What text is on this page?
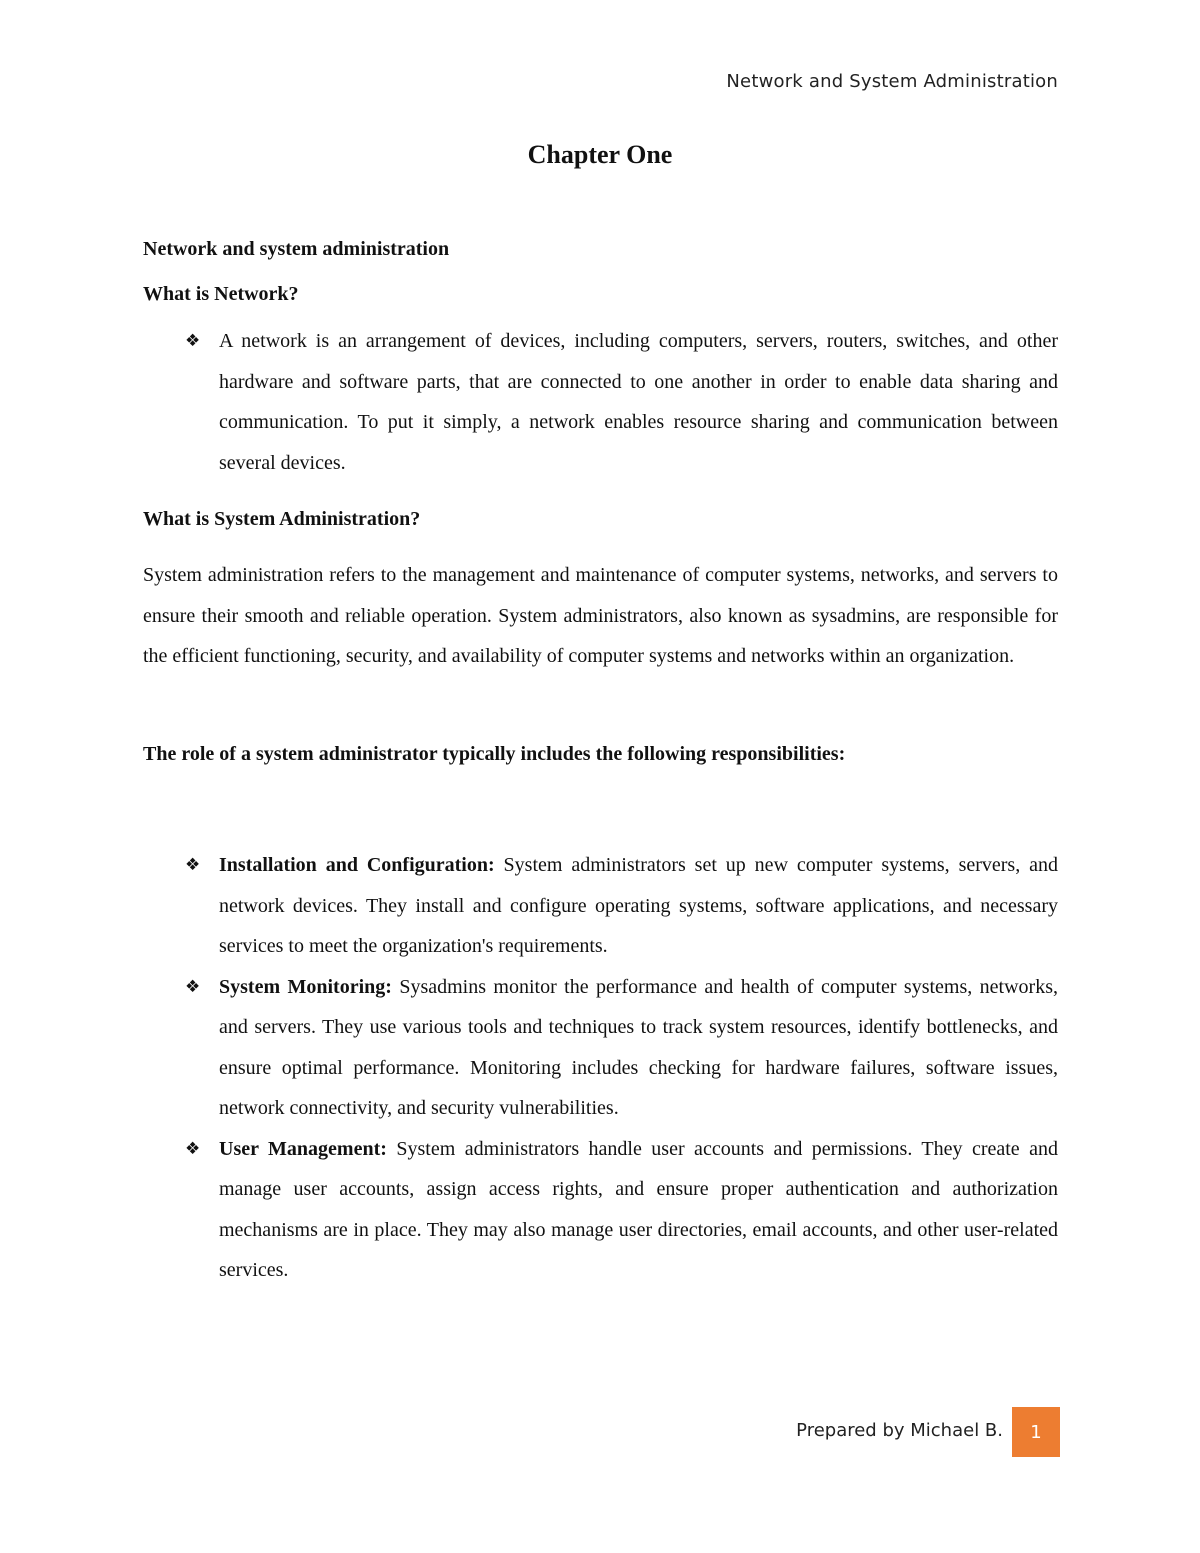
Network and System Administration
Chapter One

Network and system administration

What is Network?

❖ A network is an arrangement of devices, including computers, servers, routers, switches, and other hardware and software parts, that are connected to one another in order to enable data sharing and communication. To put it simply, a network enables resource sharing and communication between several devices.

What is System Administration?

System administration refers to the management and maintenance of computer systems, networks, and servers to ensure their smooth and reliable operation. System administrators, also known as sysadmins, are responsible for the efficient functioning, security, and availability of computer systems and networks within an organization.

The role of a system administrator typically includes the following responsibilities:

❖ Installation and Configuration: System administrators set up new computer systems, servers, and network devices. They install and configure operating systems, software applications, and necessary services to meet the organization's requirements.
❖ System Monitoring: Sysadmins monitor the performance and health of computer systems, networks, and servers. They use various tools and techniques to track system resources, identify bottlenecks, and ensure optimal performance. Monitoring includes checking for hardware failures, software issues, network connectivity, and security vulnerabilities.
❖ User Management: System administrators handle user accounts and permissions. They create and manage user accounts, assign access rights, and ensure proper authentication and authorization mechanisms are in place. They may also manage user directories, email accounts, and other user-related services.
Prepared by Michael B.	1
